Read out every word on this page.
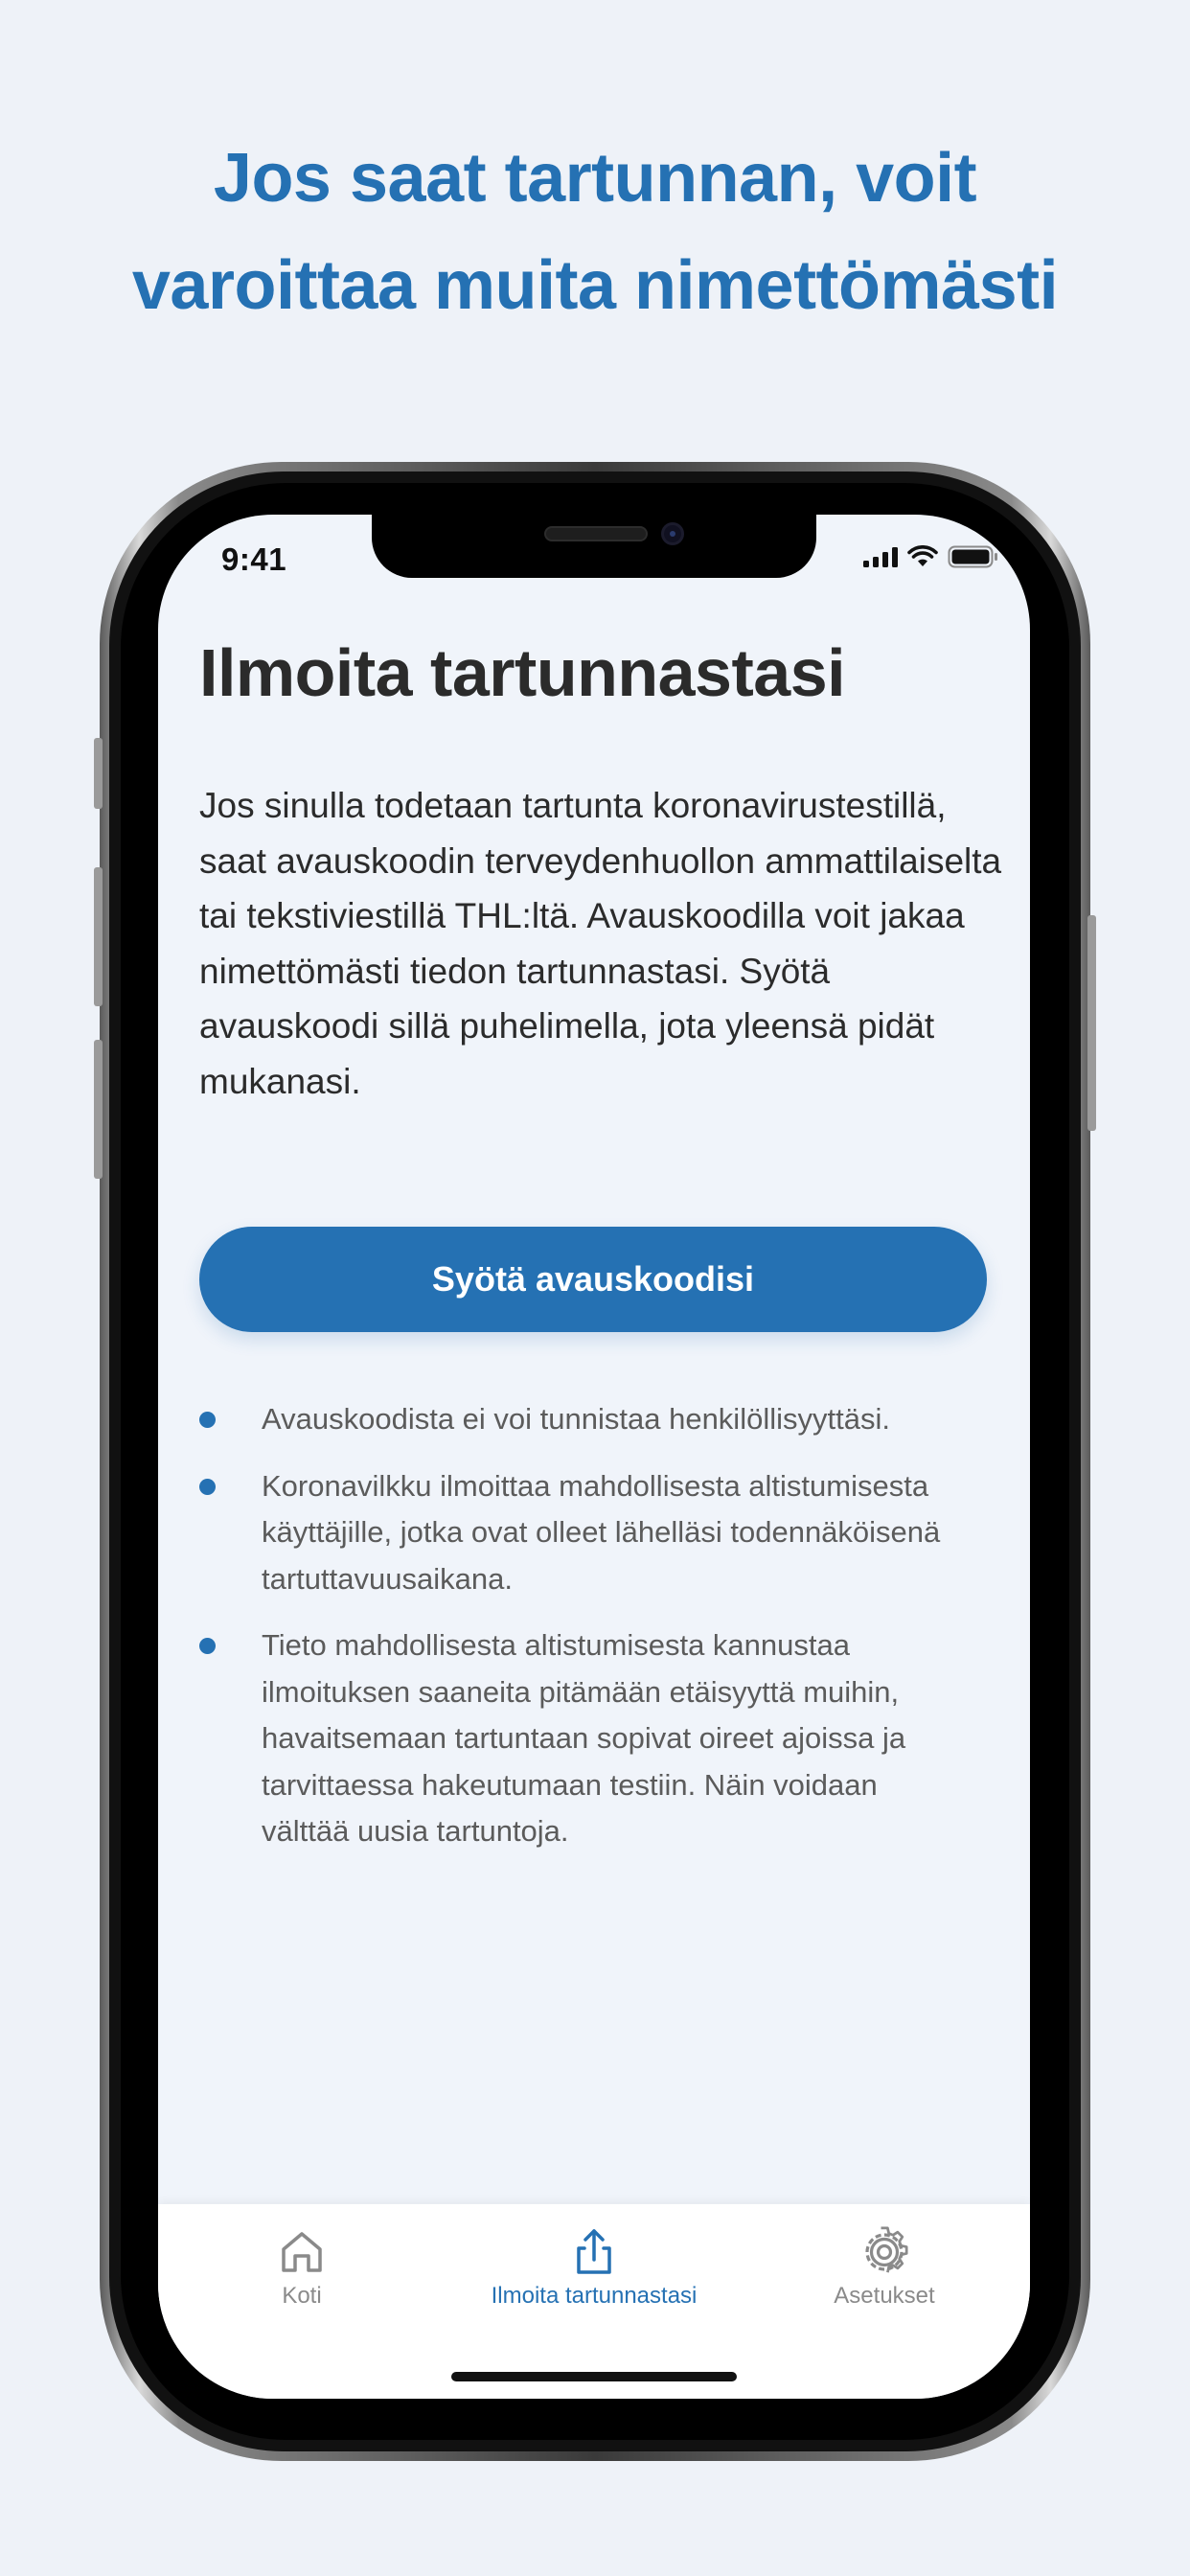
Jos saat tartunnan, voit
varoittaa muita nimettömästi
9:41
Ilmoita tartunnastasi

Jos sinulla todetaan tartunta koronavirustestillä, saat avauskoodin terveydenhuollon ammattilaiselta tai tekstiviestillä THL:ltä. Avauskoodilla voit jakaa nimettömästi tiedon tartunnastasi. Syötä avauskoodi sillä puhelimella, jota yleensä pidät mukanasi.

Syötä avauskoodisi
Avauskoodista ei voi tunnistaa henkilöllisyyttäsi.
Koronavilkku ilmoittaa mahdollisesta altistumisesta käyttäjille, jotka ovat olleet lähelläsi todennäköisenä tartuttavuusaikana.
Tieto mahdollisesta altistumisesta kannustaa ilmoituksen saaneita pitämään etäisyyttä muihin, havaitsemaan tartuntaan sopivat oireet ajoissa ja tarvittaessa hakeutumaan testiin. Näin voidaan välttää uusia tartuntoja.
Koti	Ilmoita tartunnastasi	Asetukset
